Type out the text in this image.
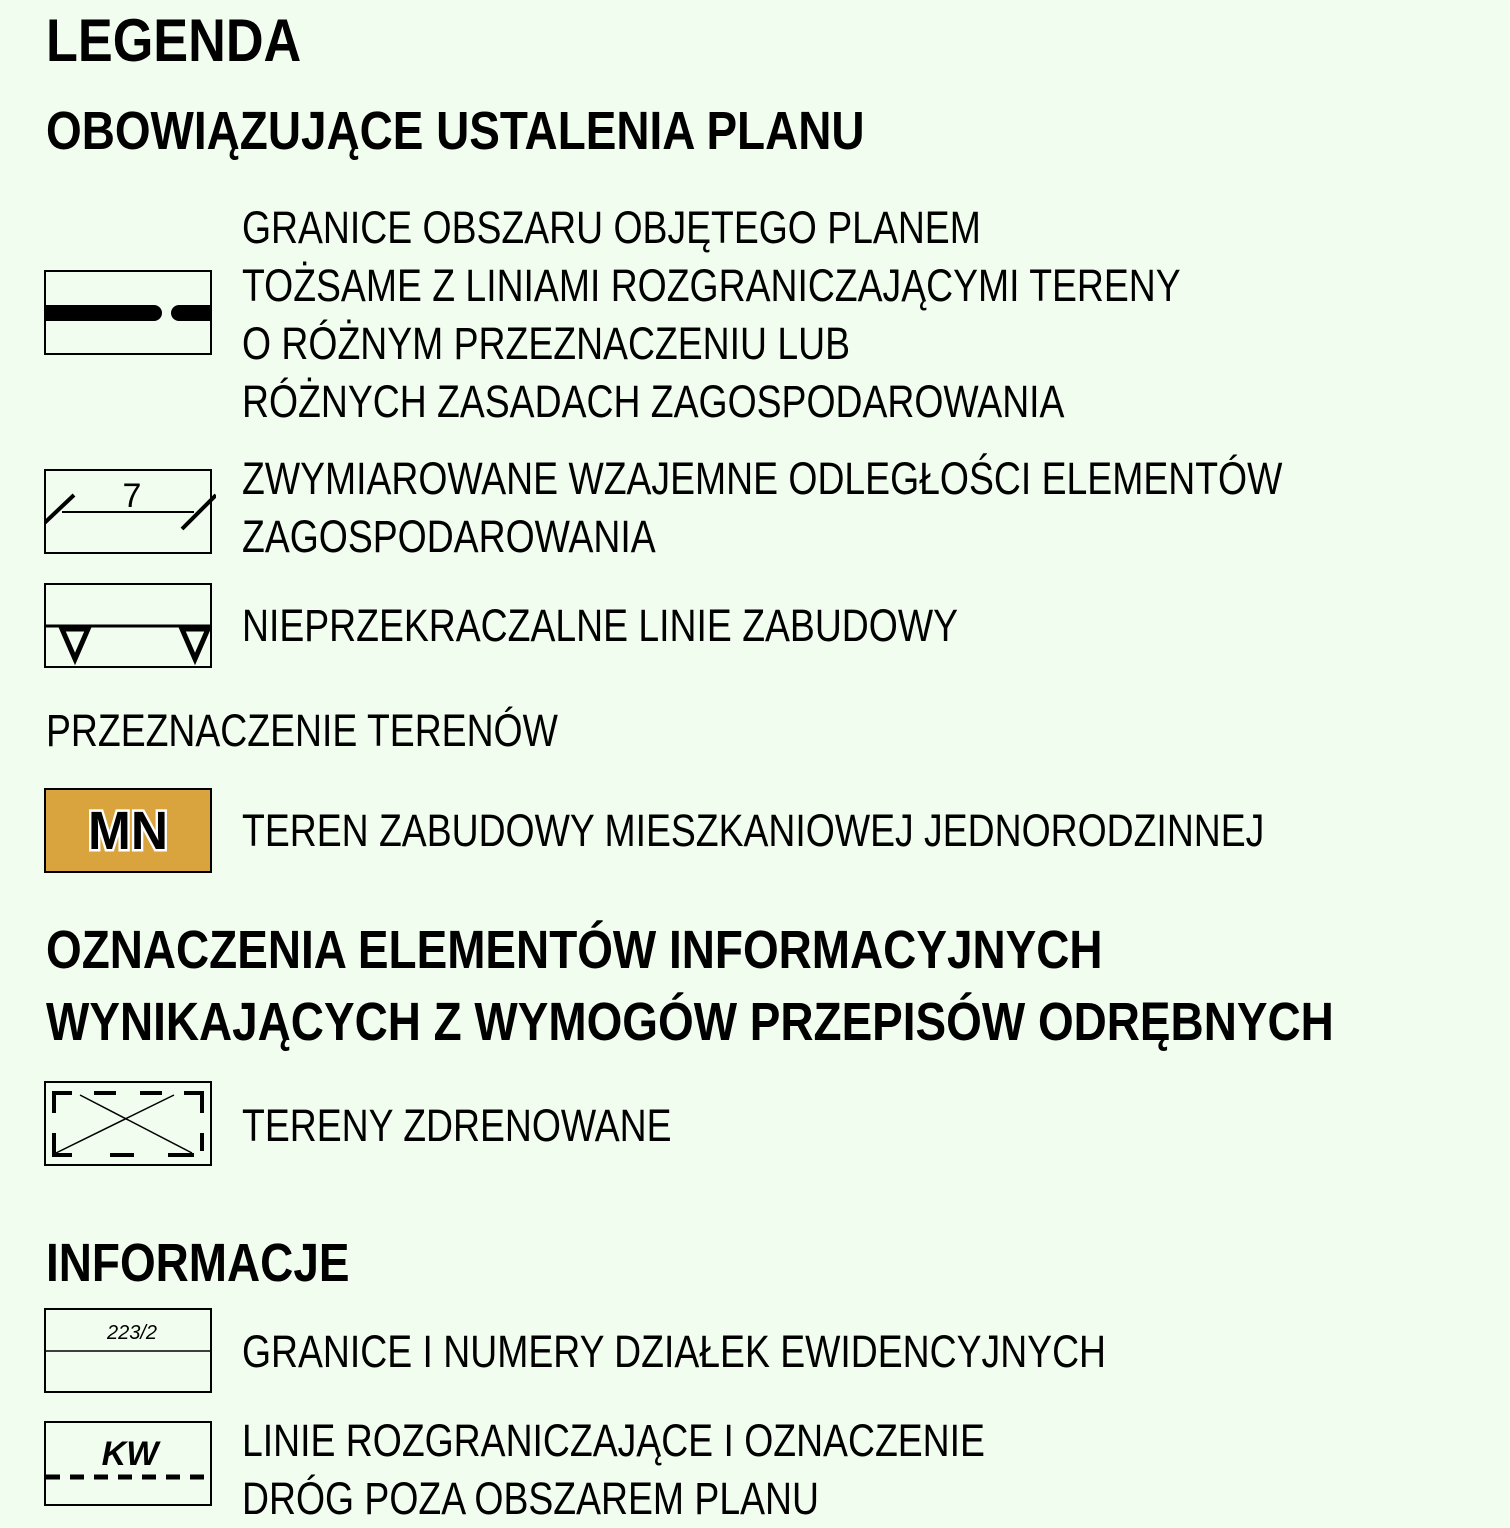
LEGENDA
OBOWIĄZUJĄCE USTALENIA PLANU
GRANICE OBSZARU OBJĘTEGO PLANEM
TOŻSAME Z LINIAMI ROZGRANICZAJĄCYMI TERENY
O RÓŻNYM PRZEZNACZENIU LUB
RÓŻNYCH ZASADACH ZAGOSPODAROWANIA
7 ZWYMIAROWANE WZAJEMNE ODLEGŁOŚCI ELEMENTÓW
ZAGOSPODAROWANIA
NIEPRZEKRACZALNE LINIE ZABUDOWY
PRZEZNACZENIE TERENÓW
MN TEREN ZABUDOWY MIESZKANIOWEJ JEDNORODZINNEJ
OZNACZENIA ELEMENTÓW INFORMACYJNYCH
WYNIKAJĄCYCH Z WYMOGÓW PRZEPISÓW ODRĘBNYCH
TERENY ZDRENOWANE
INFORMACJE
223/2 GRANICE I NUMERY DZIAŁEK EWIDENCYJNYCH
KW LINIE ROZGRANICZAJĄCE I OZNACZENIE
DRÓG POZA OBSZAREM PLANU
